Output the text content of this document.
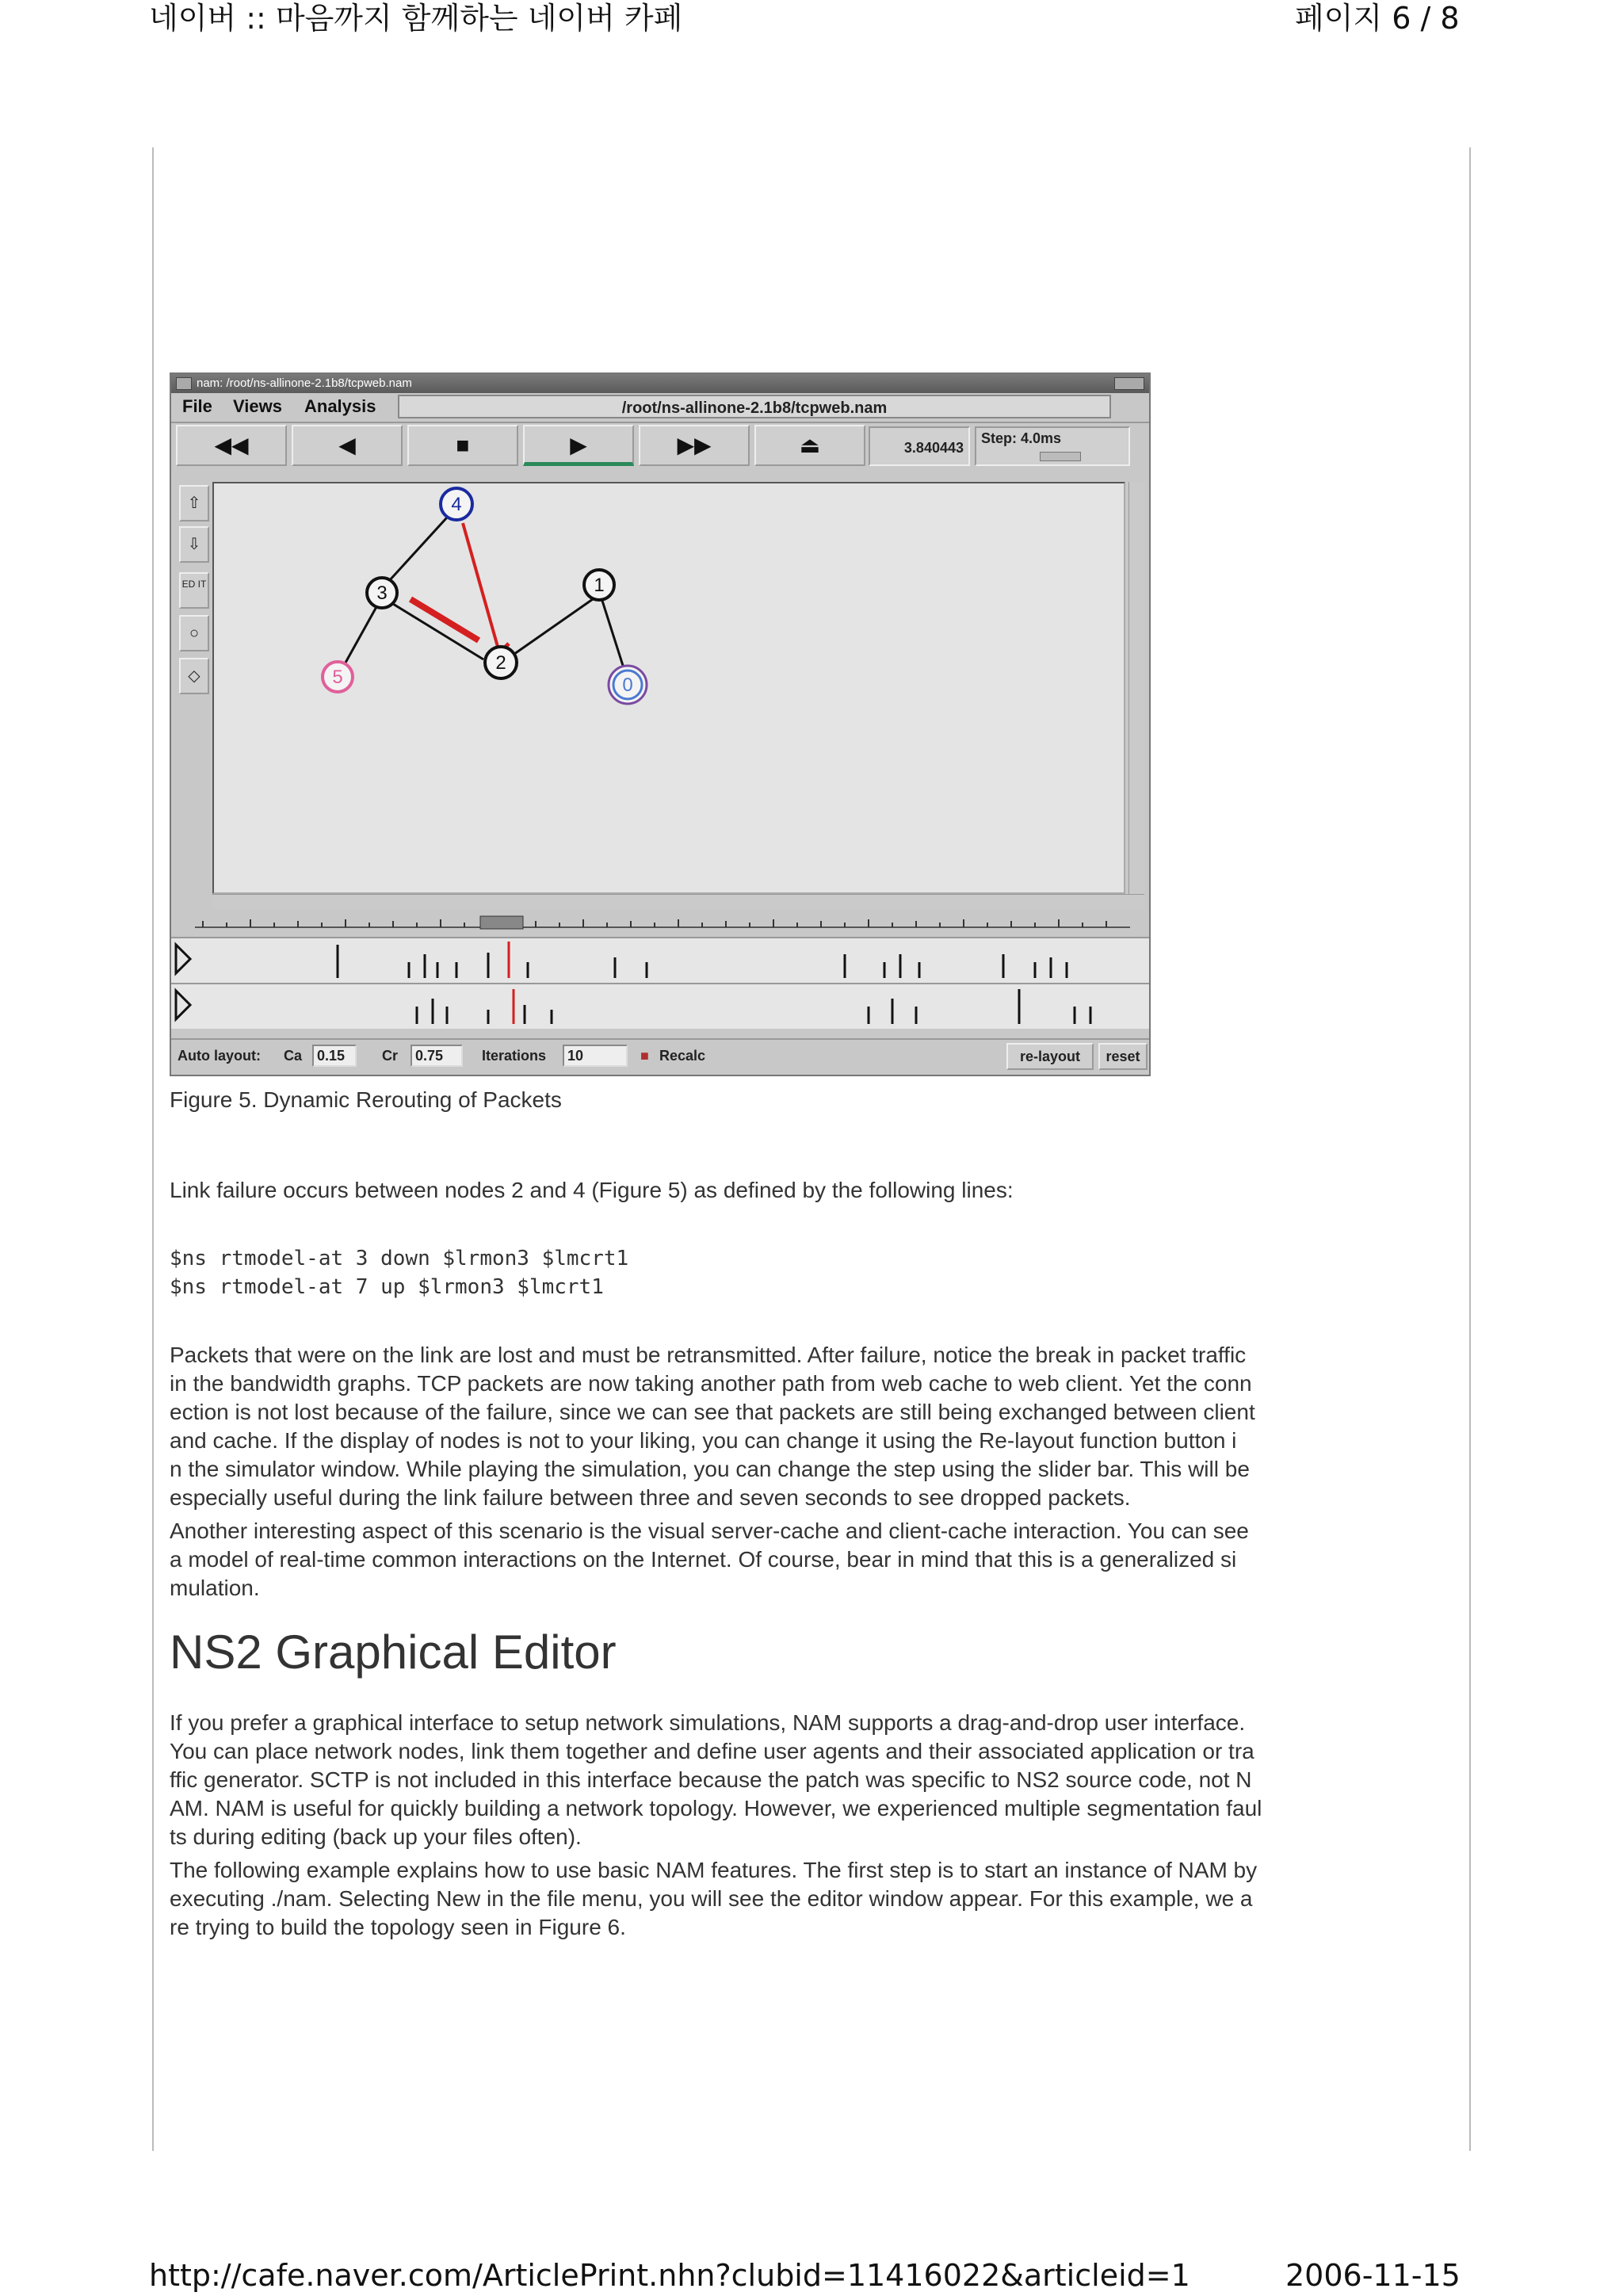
네이버 :: 마음까지 함께하는 네이버 카페	페이지 6 / 8
http://cafe.naver.com/ArticlePrint.nhn?clubid=11416022&articleid=1	2006-11-15
nam: /root/ns-allinone-2.1b8/tcpweb.nam
File Views Analysis	/root/ns-allinone-2.1b8/tcpweb.nam
◀◀	◀	■	▶	▶▶	⏏	3.840443
Step: 4.0ms
⇧
⇩
ED IT
○
◇
4
3	1
5
2
0
Auto layout: Ca	0.15	Cr	0.75	Iterations	10	■ Recalc	re-layout	reset
Figure 5. Dynamic Rerouting of Packets

Link failure occurs between nodes 2 and 4 (Figure 5) as defined by the following lines:

$ns rtmodel-at 3 down $lrmon3 $lmcrt1
$ns rtmodel-at 7 up $lrmon3 $lmcrt1
Packets that were on the link are lost and must be retransmitted. After failure, notice the break in packet traffic
in the bandwidth graphs. TCP packets are now taking another path from web cache to web client. Yet the conn
ection is not lost because of the failure, since we can see that packets are still being exchanged between client
and cache. If the display of nodes is not to your liking, you can change it using the Re-layout function button i
n the simulator window. While playing the simulation, you can change the step using the slider bar. This will be
especially useful during the link failure between three and seven seconds to see dropped packets.
Another interesting aspect of this scenario is the visual server-cache and client-cache interaction. You can see
a model of real-time common interactions on the Internet. Of course, bear in mind that this is a generalized si
mulation.
NS2 Graphical Editor
If you prefer a graphical interface to setup network simulations, NAM supports a drag-and-drop user interface.
You can place network nodes, link them together and define user agents and their associated application or tra
ffic generator. SCTP is not included in this interface because the patch was specific to NS2 source code, not N
AM. NAM is useful for quickly building a network topology. However, we experienced multiple segmentation faul
ts during editing (back up your files often).
The following example explains how to use basic NAM features. The first step is to start an instance of NAM by
executing ./nam. Selecting New in the file menu, you will see the editor window appear. For this example, we a
re trying to build the topology seen in Figure 6.
